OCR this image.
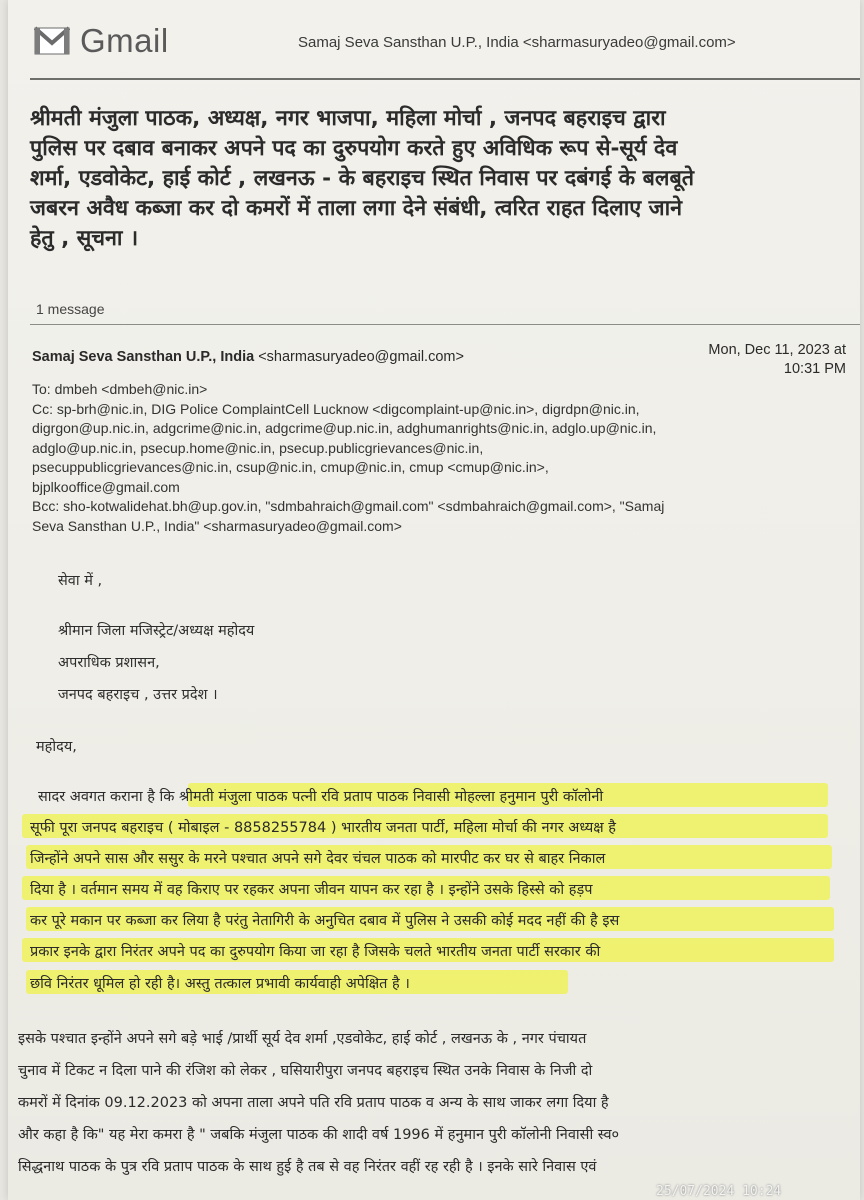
Gmail	Samaj Seva Sansthan U.P., India <sharmasuryadeo@gmail.com>
श्रीमती मंजुला पाठक, अध्यक्ष, नगर भाजपा, महिला मोर्चा , जनपद बहराइच द्वारा
पुलिस पर दबाव बनाकर अपने पद का दुरुपयोग करते हुए अविधिक रूप से-सूर्य देव
शर्मा, एडवोकेट, हाई कोर्ट , लखनऊ - के बहराइच स्थित निवास पर दबंगई के बलबूते
जबरन अवैध कब्जा कर दो कमरों में ताला लगा देने संबंधी, त्वरित राहत दिलाए जाने
हेतु , सूचना ।
1 message
Samaj Seva Sansthan U.P., India <sharmasuryadeo@gmail.com>	Mon, Dec 11, 2023 at
10:31 PM
To: dmbeh <dmbeh@nic.in>
Cc: sp-brh@nic.in, DIG Police ComplaintCell Lucknow <digcomplaint-up@nic.in>, digrdpn@nic.in,
digrgon@up.nic.in, adgcrime@nic.in, adgcrime@up.nic.in, adghumanrights@nic.in, adglo.up@nic.in,
adglo@up.nic.in, psecup.home@nic.in, psecup.publicgrievances@nic.in,
psecuppublicgrievances@nic.in, csup@nic.in, cmup@nic.in, cmup <cmup@nic.in>,
bjplkooffice@gmail.com
Bcc: sho-kotwalidehat.bh@up.gov.in, "sdmbahraich@gmail.com" <sdmbahraich@gmail.com>, "Samaj
Seva Sansthan U.P., India" <sharmasuryadeo@gmail.com>
सेवा में ,
श्रीमान जिला मजिस्ट्रेट/अध्यक्ष महोदय
अपराधिक प्रशासन,
जनपद बहराइच , उत्तर प्रदेश ।
महोदय,
सादर अवगत कराना है कि श्रीमती मंजुला पाठक पत्नी रवि प्रताप पाठक निवासी मोहल्ला हनुमान पुरी कॉलोनी
सूफी पूरा जनपद बहराइच ( मोबाइल - 8858255784 ) भारतीय जनता पार्टी, महिला मोर्चा की नगर अध्यक्ष है
जिन्होंने अपने सास और ससुर के मरने पश्चात अपने सगे देवर चंचल पाठक को मारपीट कर घर से बाहर निकाल
दिया है । वर्तमान समय में वह किराए पर रहकर अपना जीवन यापन कर रहा है । इन्होंने उसके हिस्से को हड़प
कर पूरे मकान पर कब्जा कर लिया है परंतु नेतागिरी के अनुचित दबाव में पुलिस ने उसकी कोई मदद नहीं की है इस
प्रकार इनके द्वारा निरंतर अपने पद का दुरुपयोग किया जा रहा है जिसके चलते भारतीय जनता पार्टी सरकार की
छवि निरंतर धूमिल हो रही है। अस्तु तत्काल प्रभावी कार्यवाही अपेक्षित है ।
इसके पश्चात इन्होंने अपने सगे बड़े भाई /प्रार्थी सूर्य देव शर्मा ,एडवोकेट, हाई कोर्ट , लखनऊ के , नगर पंचायत
चुनाव में टिकट न दिला पाने की रंजिश को लेकर , घसियारीपुरा जनपद बहराइच स्थित उनके निवास के निजी दो
कमरों में दिनांक 09.12.2023 को अपना ताला अपने पति रवि प्रताप पाठक व अन्य के साथ जाकर लगा दिया है
और कहा है कि" यह मेरा कमरा है " जबकि मंजुला पाठक की शादी वर्ष 1996 में हनुमान पुरी कॉलोनी निवासी स्व०
सिद्धनाथ पाठक के पुत्र रवि प्रताप पाठक के साथ हुई है तब से वह निरंतर वहीं रह रही है । इनके सारे निवास एवं
25/07/2024 10:24
